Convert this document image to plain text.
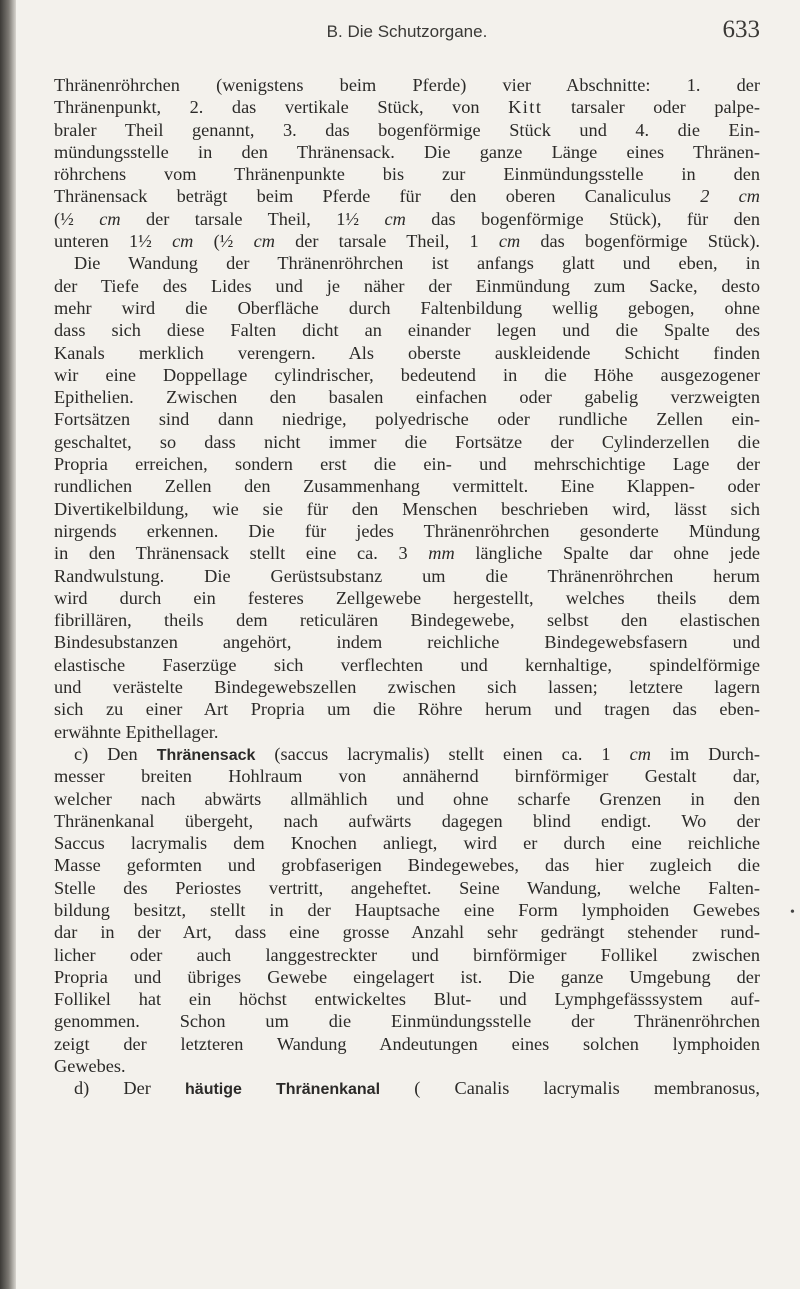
B. Die Schutzorgane.	633
Thränenröhrchen (wenigstens beim Pferde) vier Abschnitte: 1. der
Thränenpunkt, 2. das vertikale Stück, von Kitt tarsaler oder palpe-
braler Theil genannt, 3. das bogenförmige Stück und 4. die Ein-
mündungsstelle in den Thränensack. Die ganze Länge eines Thränen-
röhrchens vom Thränenpunkte bis zur Einmündungsstelle in den
Thränensack beträgt beim Pferde für den oberen Canaliculus 2 cm
(½ cm der tarsale Theil, 1½ cm das bogenförmige Stück), für den
unteren 1½ cm (½ cm der tarsale Theil, 1 cm das bogenförmige Stück).
Die Wandung der Thränenröhrchen ist anfangs glatt und eben, in
der Tiefe des Lides und je näher der Einmündung zum Sacke, desto
mehr wird die Oberfläche durch Faltenbildung wellig gebogen, ohne
dass sich diese Falten dicht an einander legen und die Spalte des
Kanals merklich verengern. Als oberste auskleidende Schicht finden
wir eine Doppellage cylindrischer, bedeutend in die Höhe ausgezogener
Epithelien. Zwischen den basalen einfachen oder gabelig verzweigten
Fortsätzen sind dann niedrige, polyedrische oder rundliche Zellen ein-
geschaltet, so dass nicht immer die Fortsätze der Cylinderzellen die
Propria erreichen, sondern erst die ein- und mehrschichtige Lage der
rundlichen Zellen den Zusammenhang vermittelt. Eine Klappen- oder
Divertikelbildung, wie sie für den Menschen beschrieben wird, lässt sich
nirgends erkennen. Die für jedes Thränenröhrchen gesonderte Mündung
in den Thränensack stellt eine ca. 3 mm längliche Spalte dar ohne jede
Randwulstung. Die Gerüstsubstanz um die Thränenröhrchen herum
wird durch ein festeres Zellgewebe hergestellt, welches theils dem
fibrillären, theils dem reticulären Bindegewebe, selbst den elastischen
Bindesubstanzen angehört, indem reichliche Bindegewebsfasern und
elastische Faserzüge sich verflechten und kernhaltige, spindelförmige
und verästelte Bindegewebszellen zwischen sich lassen; letztere lagern
sich zu einer Art Propria um die Röhre herum und tragen das eben-
erwähnte Epithellager.
c) Den Thränensack (saccus lacrymalis) stellt einen ca. 1 cm im Durch-
messer breiten Hohlraum von annähernd birnförmiger Gestalt dar,
welcher nach abwärts allmählich und ohne scharfe Grenzen in den
Thränenkanal übergeht, nach aufwärts dagegen blind endigt. Wo der
Saccus lacrymalis dem Knochen anliegt, wird er durch eine reichliche
Masse geformten und grobfaserigen Bindegewebes, das hier zugleich die
Stelle des Periostes vertritt, angeheftet. Seine Wandung, welche Falten-
bildung besitzt, stellt in der Hauptsache eine Form lymphoiden Gewebes
dar in der Art, dass eine grosse Anzahl sehr gedrängt stehender rund-
licher oder auch langgestreckter und birnförmiger Follikel zwischen
Propria und übriges Gewebe eingelagert ist. Die ganze Umgebung der
Follikel hat ein höchst entwickeltes Blut- und Lymphgefässsystem auf-
genommen. Schon um die Einmündungsstelle der Thränenröhrchen
zeigt der letzteren Wandung Andeutungen eines solchen lymphoiden
Gewebes.
d) Der häutige Thränenkanal ( Canalis lacrymalis membranosus,
•
